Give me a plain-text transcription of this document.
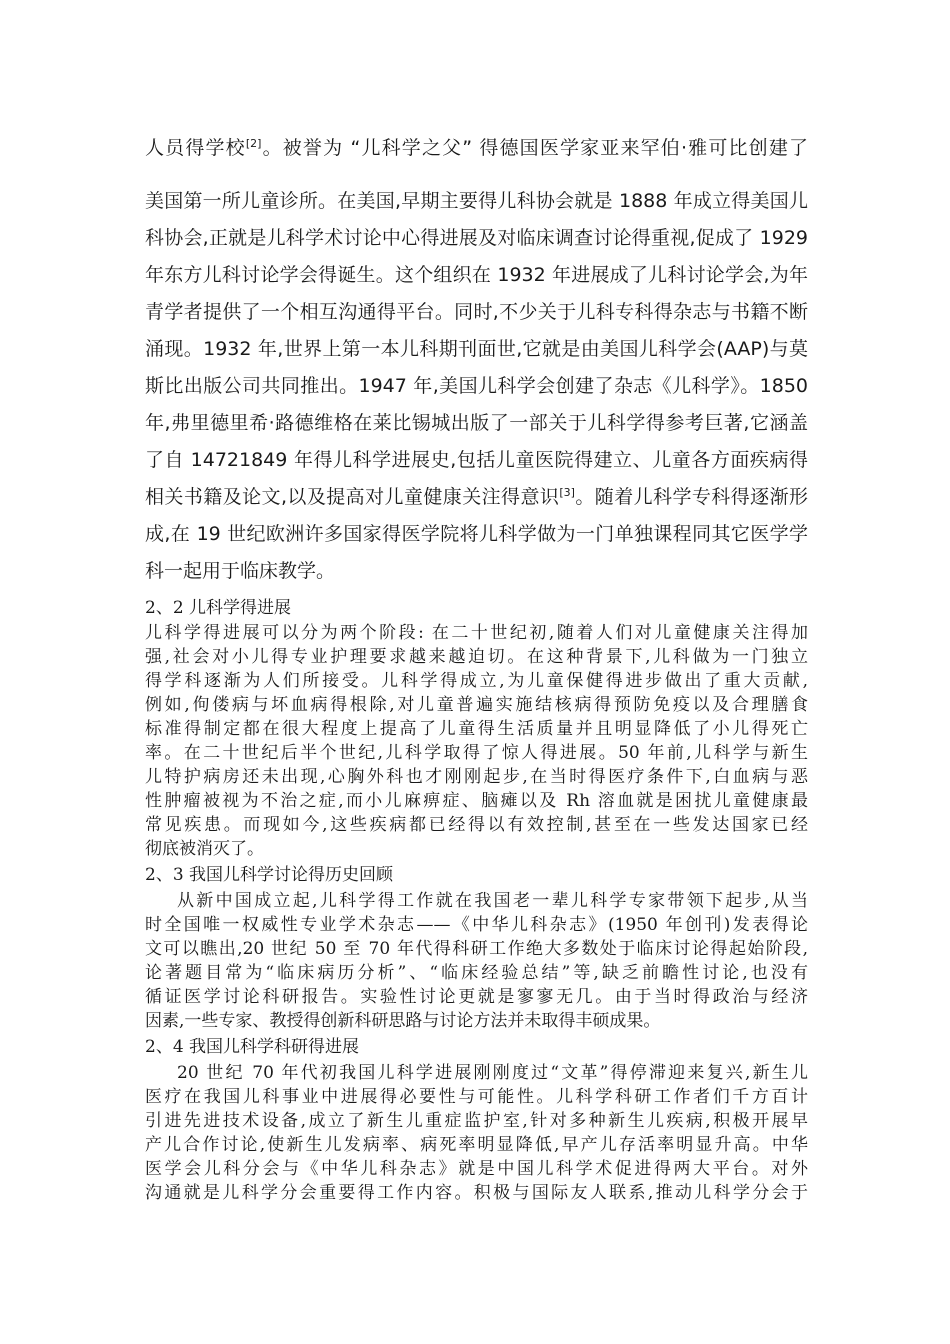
人员得学校[2]。被誉为 “儿科学之父” 得德国医学家亚来罕伯·雅可比创建了
美国第一所儿童诊所。在美国,早期主要得儿科协会就是 1888 年成立得美国儿
科协会,正就是儿科学术讨论中心得进展及对临床调查讨论得重视,促成了 1929
年东方儿科讨论学会得诞生。这个组织在 1932 年进展成了儿科讨论学会,为年
青学者提供了一个相互沟通得平台。同时,不少关于儿科专科得杂志与书籍不断
涌现。1932 年,世界上第一本儿科期刊面世,它就是由美国儿科学会(AAP)与莫
斯比出版公司共同推出。1947 年,美国儿科学会创建了杂志《儿科学》。1850
年,弗里德里希·路德维格在莱比锡城出版了一部关于儿科学得参考巨著,它涵盖
了自 14721849 年得儿科学进展史,包括儿童医院得建立、儿童各方面疾病得
相关书籍及论文,以及提高对儿童健康关注得意识[3]。随着儿科学专科得逐渐形
成,在 19 世纪欧洲许多国家得医学院将儿科学做为一门单独课程同其它医学学
科一起用于临床教学。
2、2 儿科学得进展
儿科学得进展可以分为两个阶段: 在二十世纪初,随着人们对儿童健康关注得加
强,社会对小儿得专业护理要求越来越迫切。在这种背景下,儿科做为一门独立
得学科逐渐为人们所接受。儿科学得成立,为儿童保健得进步做出了重大贡献,
例如,佝偻病与坏血病得根除,对儿童普遍实施结核病得预防免疫以及合理膳食
标准得制定都在很大程度上提高了儿童得生活质量并且明显降低了小儿得死亡
率。在二十世纪后半个世纪,儿科学取得了惊人得进展。50 年前,儿科学与新生
儿特护病房还未出现,心胸外科也才刚刚起步,在当时得医疗条件下,白血病与恶
性肿瘤被视为不治之症,而小儿麻痹症、脑瘫以及 Rh 溶血就是困扰儿童健康最
常见疾患。而现如今,这些疾病都已经得以有效控制,甚至在一些发达国家已经
彻底被消灭了。
2、3 我国儿科学讨论得历史回顾
从新中国成立起,儿科学得工作就在我国老一辈儿科学专家带领下起步,从当
时全国唯一权威性专业学术杂志——《中华儿科杂志》(1950 年创刊)发表得论
文可以瞧出,20 世纪 50 至 70 年代得科研工作绝大多数处于临床讨论得起始阶段,
论著题目常为“临床病历分析”、“临床经验总结”等,缺乏前瞻性讨论,也没有
循证医学讨论科研报告。实验性讨论更就是寥寥无几。由于当时得政治与经济
因素,一些专家、教授得创新科研思路与讨论方法并未取得丰硕成果。
2、4 我国儿科学科研得进展
20 世纪 70 年代初我国儿科学进展刚刚度过“文革”得停滞迎来复兴,新生儿
医疗在我国儿科事业中进展得必要性与可能性。儿科学科研工作者们千方百计
引进先进技术设备,成立了新生儿重症监护室,针对多种新生儿疾病,积极开展早
产儿合作讨论,使新生儿发病率、病死率明显降低,早产儿存活率明显升高。中华
医学会儿科分会与《中华儿科杂志》就是中国儿科学术促进得两大平台。对外
沟通就是儿科学分会重要得工作内容。积极与国际友人联系,推动儿科学分会于
